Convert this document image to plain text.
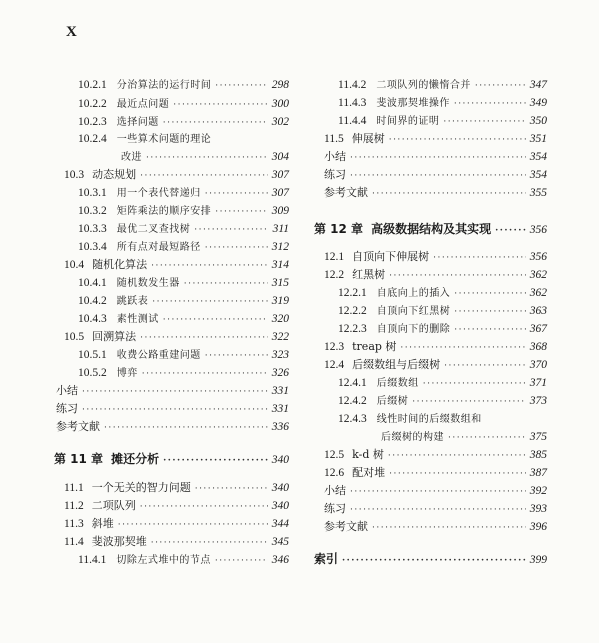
X
10.2.1 分治算法的运行时间 ·····	298
10.2.2 最近点问题 ·····	300
10.2.3 选择问题 ·····	302
10.2.4 一些算术问题的理论
改进 ·····	304
10.3 动态规划 ·····	307
10.3.1 用一个表代替递归 ·····	307
10.3.2 矩阵乘法的顺序安排 ·····	309
10.3.3 最优二叉查找树 ·····	311
10.3.4 所有点对最短路径 ·····	312
10.4 随机化算法 ·····	314
10.4.1 随机数发生器 ·····	315
10.4.2 跳跃表 ·····	319
10.4.3 素性测试 ·····	320
10.5 回溯算法 ·····	322
10.5.1 收费公路重建问题 ·····	323
10.5.2 博弈 ·····	326
小结 ·····	331
练习 ·····	331
参考文献 ·····	336
第 11 章 摊还分析 ·····	340
11.1 一个无关的智力问题 ·····	340
11.2 二项队列 ·····	340
11.3 斜堆 ·····	344
11.4 斐波那契堆 ·····	345
11.4.1 切除左式堆中的节点 ·····	346
11.4.2 二项队列的懒惰合并 ·····	347
11.4.3 斐波那契堆操作 ·····	349
11.4.4 时间界的证明 ·····	350
11.5 伸展树 ·····	351
小结 ·····	354
练习 ·····	354
参考文献 ·····	355
第 12 章 高级数据结构及其实现 ·····	356
12.1 自顶向下伸展树 ·····	356
12.2 红黑树 ·····	362
12.2.1 自底向上的插入 ·····	362
12.2.2 自顶向下红黑树 ·····	363
12.2.3 自顶向下的删除 ·····	367
12.3 treap 树 ·····	368
12.4 后缀数组与后缀树 ·····	370
12.4.1 后缀数组 ·····	371
12.4.2 后缀树 ·····	373
12.4.3 线性时间的后缀数组和
后缀树的构建 ·····	375
12.5 k-d 树 ·····	385
12.6 配对堆 ·····	387
小结 ·····	392
练习 ·····	393
参考文献 ·····	396
索引 ·····	399
